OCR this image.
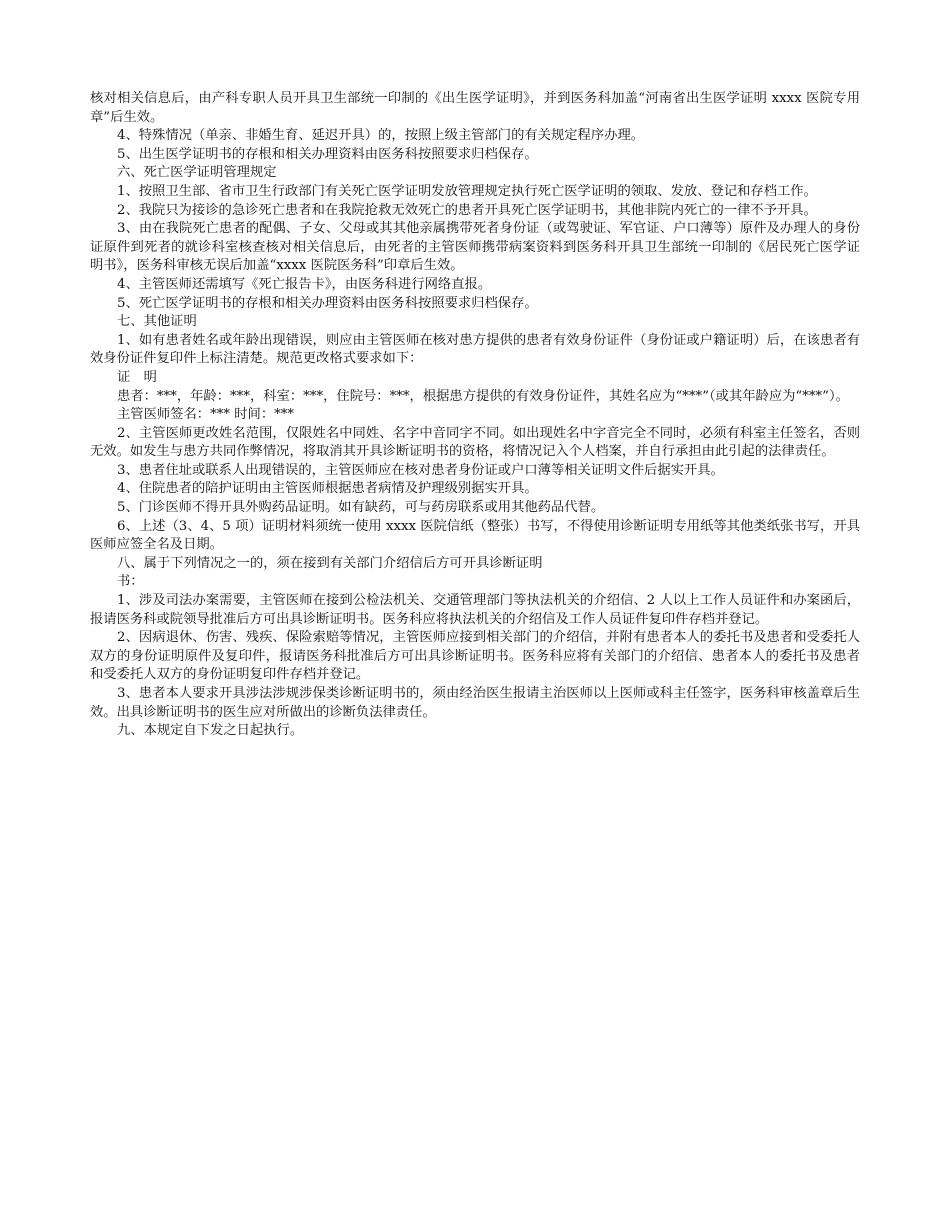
核对相关信息后，由产科专职人员开具卫生部统一印制的《出生医学证明》，并到医务科加盖“河南省出生医学证明 xxxx 医院专用章”后生效。

4、特殊情况（单亲、非婚生育、延迟开具）的，按照上级主管部门的有关规定程序办理。

5、出生医学证明书的存根和相关办理资料由医务科按照要求归档保存。

六、死亡医学证明管理规定

1、按照卫生部、省市卫生行政部门有关死亡医学证明发放管理规定执行死亡医学证明的领取、发放、登记和存档工作。

2、我院只为接诊的急诊死亡患者和在我院抢救无效死亡的患者开具死亡医学证明书，其他非院内死亡的一律不予开具。

3、由在我院死亡患者的配偶、子女、父母或其其他亲属携带死者身份证（或驾驶证、军官证、户口薄等）原件及办理人的身份证原件到死者的就诊科室核查核对相关信息后，由死者的主管医师携带病案资料到医务科开具卫生部统一印制的《居民死亡医学证明书》，医务科审核无误后加盖“xxxx 医院医务科”印章后生效。

4、主管医师还需填写《死亡报告卡》，由医务科进行网络直报。

5、死亡医学证明书的存根和相关办理资料由医务科按照要求归档保存。

七、其他证明

1、如有患者姓名或年龄出现错误，则应由主管医师在核对患方提供的患者有效身份证件（身份证或户籍证明）后，在该患者有效身份证件复印件上标注清楚。规范更改格式要求如下：

证　明

患者：***，年龄：***，科室：***，住院号：***，根据患方提供的有效身份证件，其姓名应为“***”（或其年龄应为“***”）。

主管医师签名：*** 时间：***

2、主管医师更改姓名范围，仅限姓名中同姓、名字中音同字不同。如出现姓名中字音完全不同时，必须有科室主任签名，否则无效。如发生与患方共同作弊情况，将取消其开具诊断证明书的资格，将情况记入个人档案，并自行承担由此引起的法律责任。

3、患者住址或联系人出现错误的，主管医师应在核对患者身份证或户口薄等相关证明文件后据实开具。

4、住院患者的陪护证明由主管医师根据患者病情及护理级别据实开具。

5、门诊医师不得开具外购药品证明。如有缺药，可与药房联系或用其他药品代替。

6、上述（3、4、5 项）证明材料须统一使用 xxxx 医院信纸（整张）书写，不得使用诊断证明专用纸等其他类纸张书写，开具医师应签全名及日期。

八、属于下列情况之一的，须在接到有关部门介绍信后方可开具诊断证明

书：

1、涉及司法办案需要，主管医师在接到公检法机关、交通管理部门等执法机关的介绍信、2 人以上工作人员证件和办案函后，报请医务科或院领导批准后方可出具诊断证明书。医务科应将执法机关的介绍信及工作人员证件复印件存档并登记。

2、因病退休、伤害、残疾、保险索赔等情况，主管医师应接到相关部门的介绍信，并附有患者本人的委托书及患者和受委托人双方的身份证明原件及复印件，报请医务科批准后方可出具诊断证明书。医务科应将有关部门的介绍信、患者本人的委托书及患者和受委托人双方的身份证明复印件存档并登记。

3、患者本人要求开具涉法涉规涉保类诊断证明书的，须由经治医生报请主治医师以上医师或科主任签字，医务科审核盖章后生效。出具诊断证明书的医生应对所做出的诊断负法律责任。

九、本规定自下发之日起执行。
